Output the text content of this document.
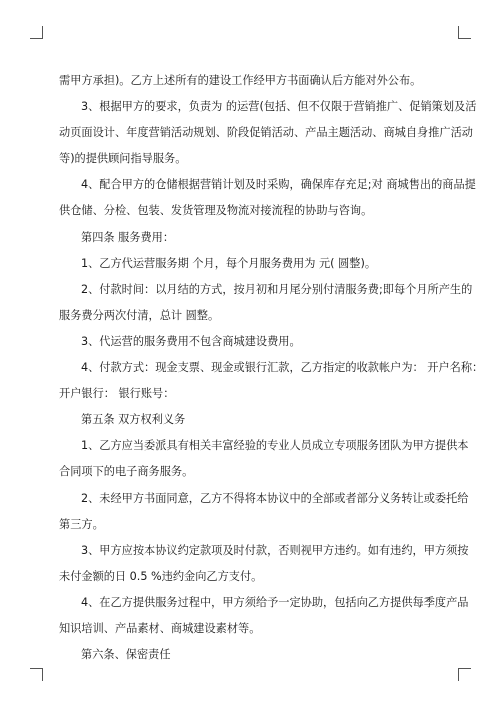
需甲方承担)。乙方上述所有的建设工作经甲方书面确认后方能对外公布。
3、根据甲方的要求，负责为 的运营(包括、但不仅限于营销推广、促销策划及活
动页面设计、年度营销活动规划、阶段促销活动、产品主题活动、商城自身推广活动
等)的提供顾问指导服务。
4、配合甲方的仓储根据营销计划及时采购，确保库存充足;对 商城售出的商品提
供仓储、分检、包装、发货管理及物流对接流程的协助与咨询。
第四条 服务费用：
1、乙方代运营服务期 个月，每个月服务费用为 元( 圆整)。
2、付款时间：以月结的方式，按月初和月尾分别付清服务费;即每个月所产生的
服务费分两次付清，总计 圆整。
3、代运营的服务费用不包含商城建设费用。
4、付款方式：现金支票、现金或银行汇款，乙方指定的收款帐户为： 开户名称：
开户银行： 银行账号：
第五条 双方权利义务
1、乙方应当委派具有相关丰富经验的专业人员成立专项服务团队为甲方提供本
合同项下的电子商务服务。
2、未经甲方书面同意，乙方不得将本协议中的全部或者部分义务转让或委托给
第三方。
3、甲方应按本协议约定款项及时付款，否则视甲方违约。如有违约，甲方须按
未付金额的日 0.5 %违约金向乙方支付。
4、在乙方提供服务过程中，甲方须给予一定协助，包括向乙方提供每季度产品
知识培训、产品素材、商城建设素材等。
第六条、保密责任
